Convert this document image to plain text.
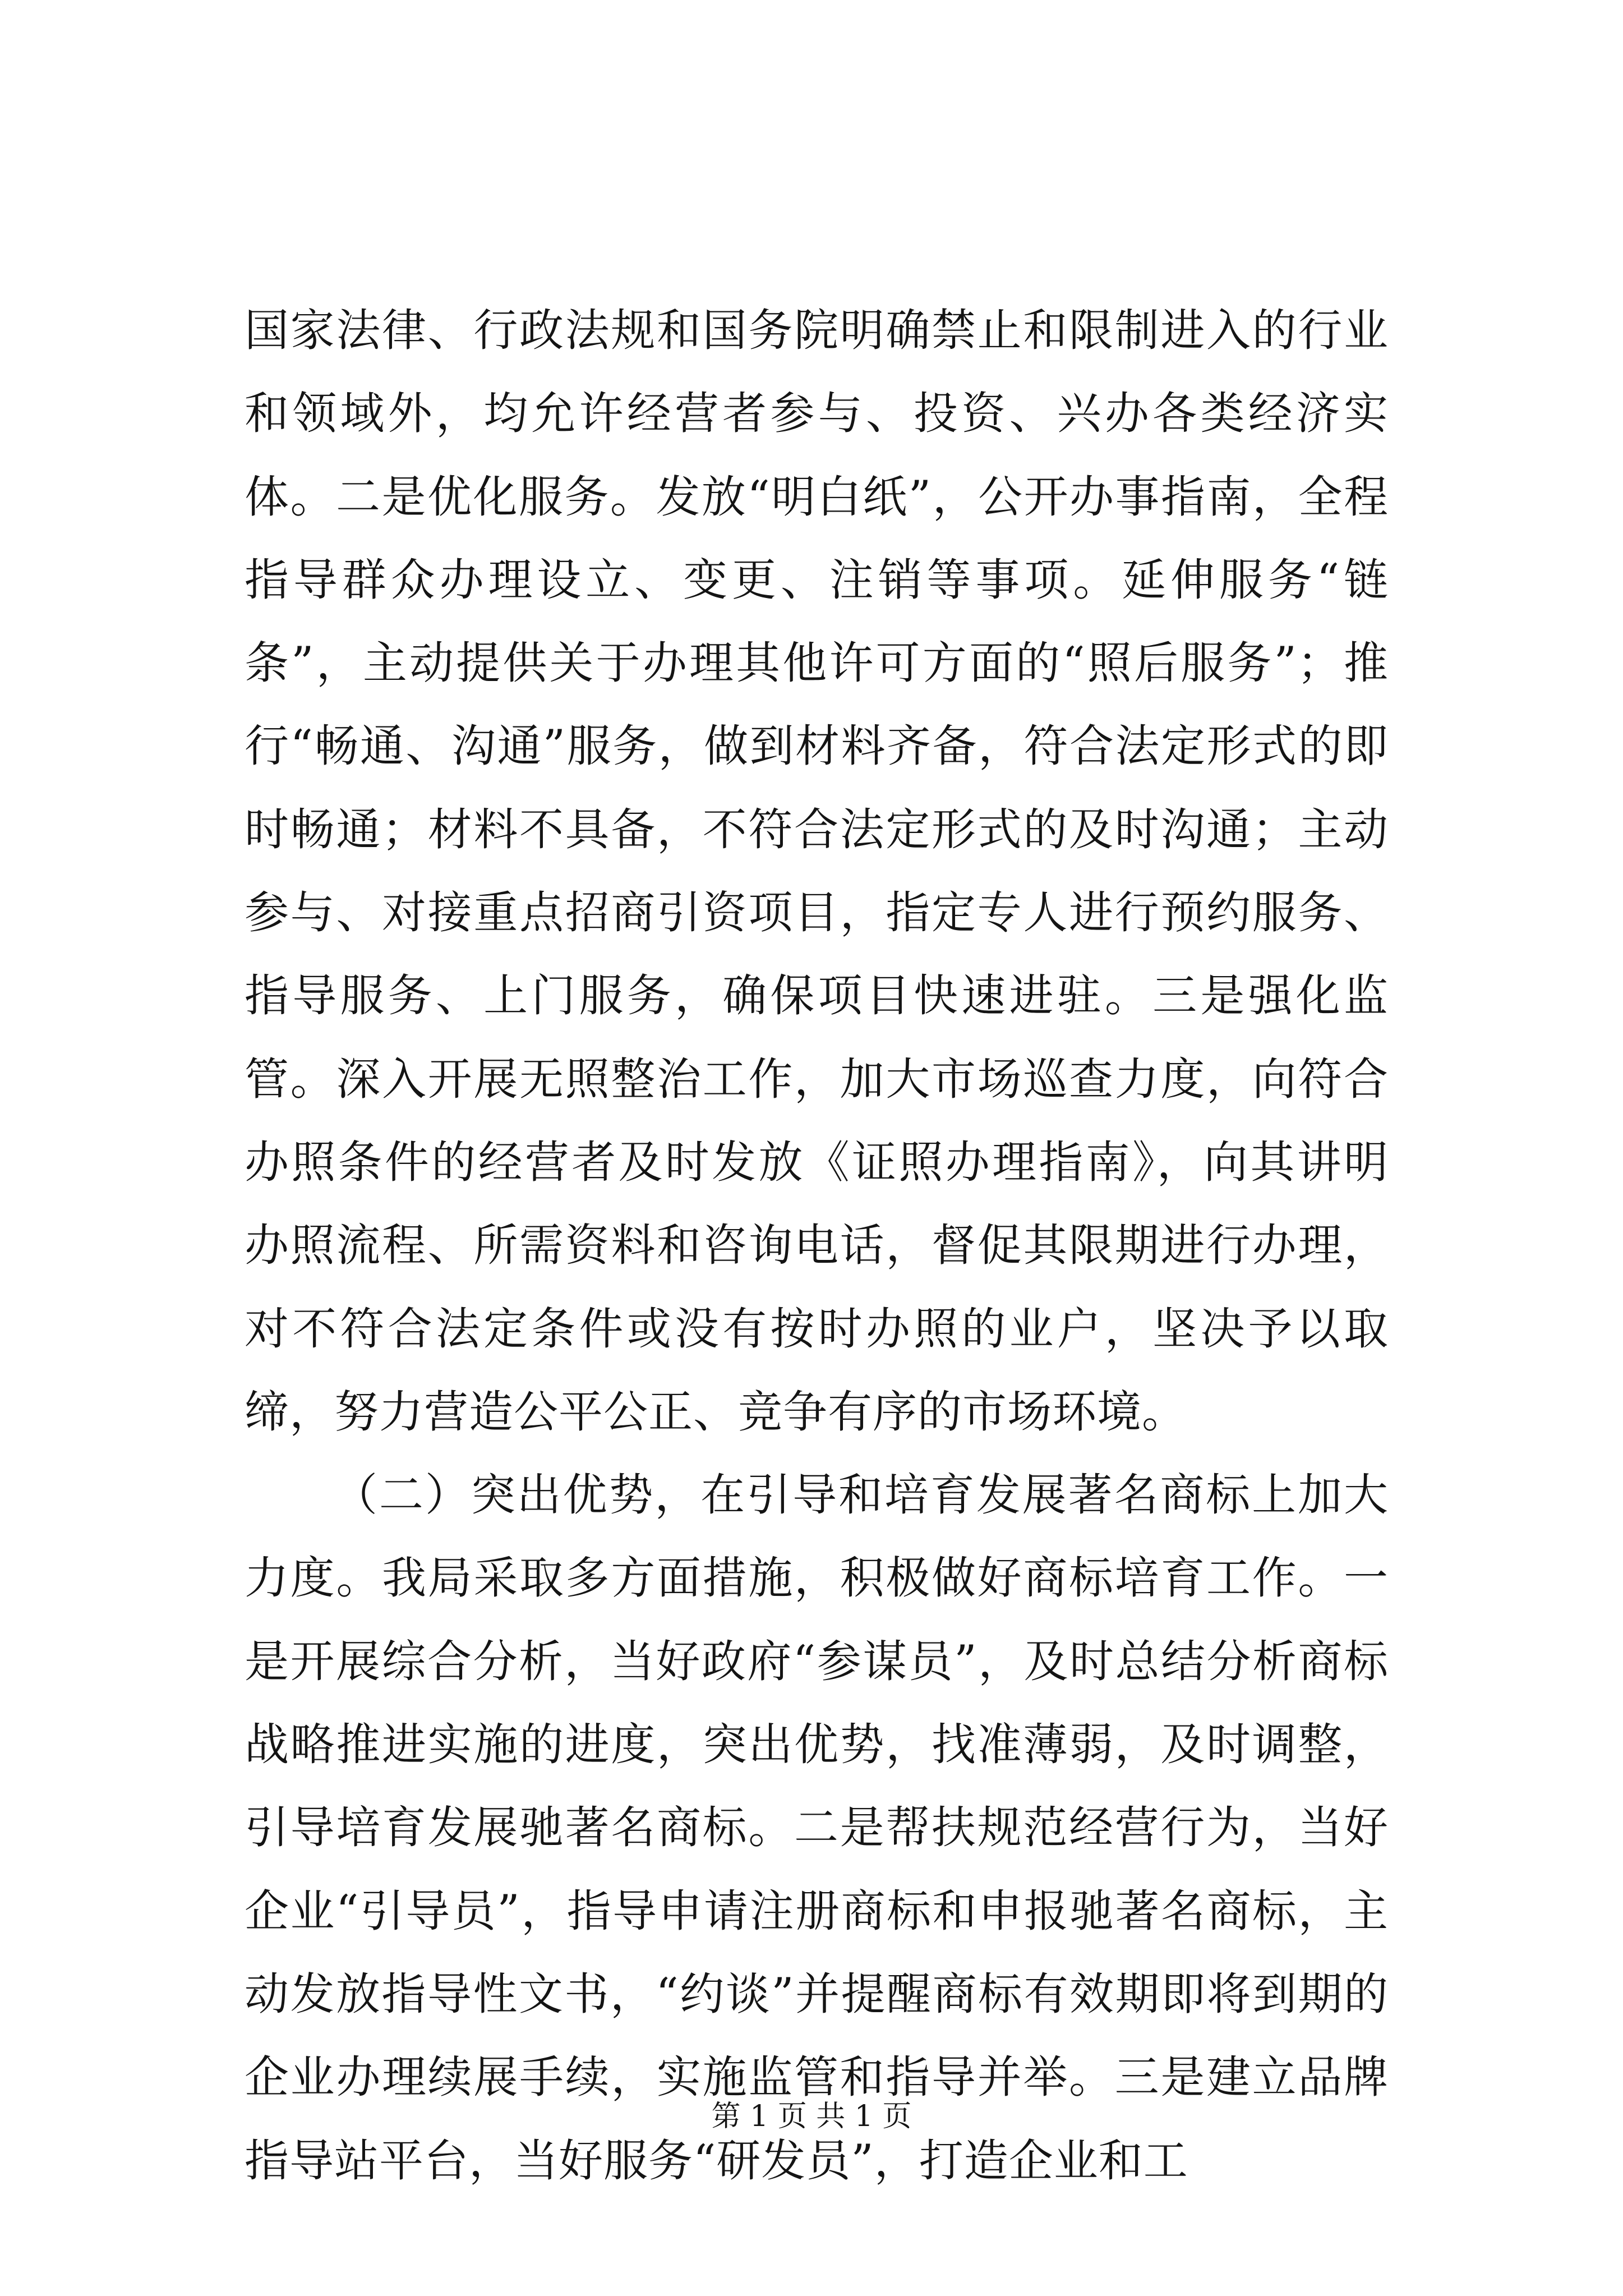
国家法律、行政法规和国务院明确禁止和限制进入的行业和领域外，均允许经营者参与、投资、兴办各类经济实体。二是优化服务。发放“明白纸”，公开办事指南，全程指导群众办理设立、变更、注销等事项。延伸服务“链条”，主动提供关于办理其他许可方面的“照后服务”；推行“畅通、沟通”服务，做到材料齐备，符合法定形式的即时畅通；材料不具备，不符合法定形式的及时沟通；主动参与、对接重点招商引资项目，指定专人进行预约服务、指导服务、上门服务，确保项目快速进驻。三是强化监管。深入开展无照整治工作，加大市场巡查力度，向符合办照条件的经营者及时发放《证照办理指南》，向其讲明办照流程、所需资料和咨询电话，督促其限期进行办理，对不符合法定条件或没有按时办照的业户，坚决予以取缔，努力营造公平公正、竞争有序的市场环境。

（二）突出优势，在引导和培育发展著名商标上加大力度。我局采取多方面措施，积极做好商标培育工作。一是开展综合分析，当好政府“参谋员”，及时总结分析商标战略推进实施的进度，突出优势，找准薄弱，及时调整，引导培育发展驰著名商标。二是帮扶规范经营行为，当好企业“引导员”，指导申请注册商标和申报驰著名商标，主动发放指导性文书，“约谈”并提醒商标有效期即将到期的企业办理续展手续，实施监管和指导并举。三是建立品牌指导站平台，当好服务“研发员”，打造企业和工

第 1 页 共 1 页
